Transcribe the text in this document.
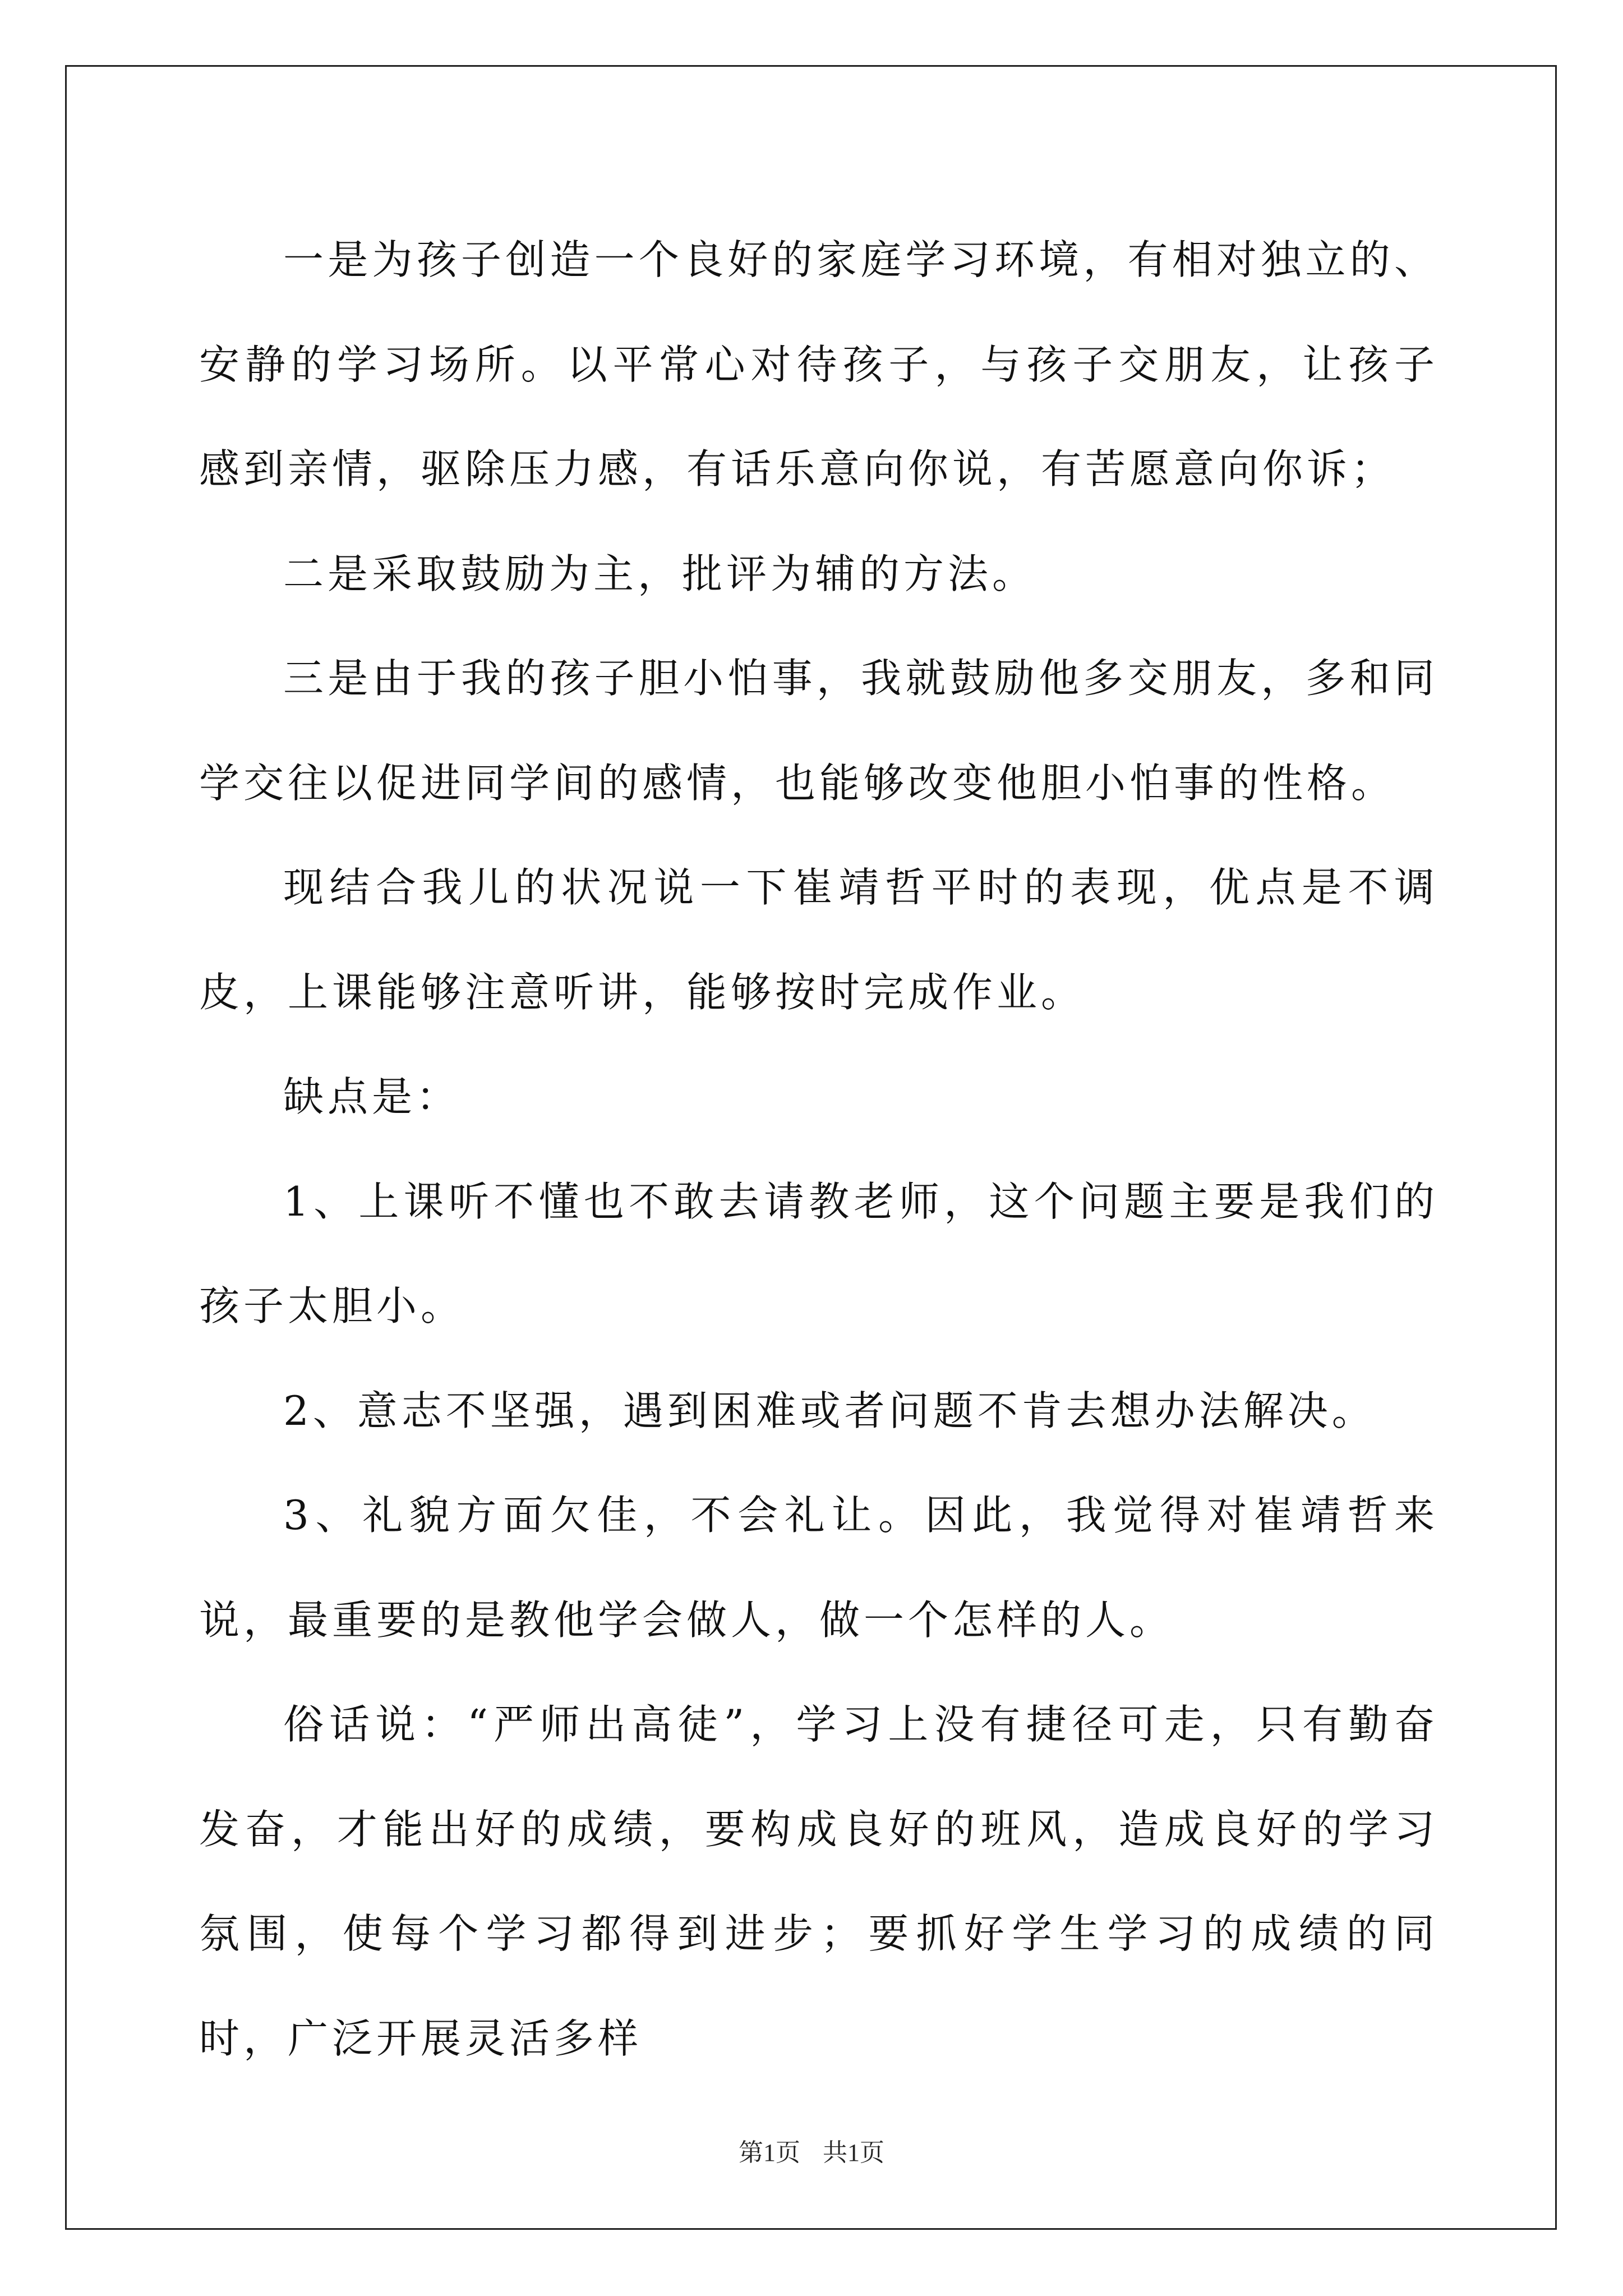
一是为孩子创造一个良好的家庭学习环境，有相对独立的、安静的学习场所。以平常心对待孩子，与孩子交朋友，让孩子感到亲情，驱除压力感，有话乐意向你说，有苦愿意向你诉；

二是采取鼓励为主，批评为辅的方法。

三是由于我的孩子胆小怕事，我就鼓励他多交朋友，多和同学交往以促进同学间的感情，也能够改变他胆小怕事的性格。

现结合我儿的状况说一下崔靖哲平时的表现，优点是不调皮，上课能够注意听讲，能够按时完成作业。

缺点是：

1、上课听不懂也不敢去请教老师，这个问题主要是我们的孩子太胆小。

2、意志不坚强，遇到困难或者问题不肯去想办法解决。

3、礼貌方面欠佳，不会礼让。因此，我觉得对崔靖哲来说，最重要的是教他学会做人，做一个怎样的人。

俗话说：“严师出高徒”，学习上没有捷径可走，只有勤奋发奋，才能出好的成绩，要构成良好的班风，造成良好的学习氛围，使每个学习都得到进步；要抓好学生学习的成绩的同时，广泛开展灵活多样

第1页 共1页
